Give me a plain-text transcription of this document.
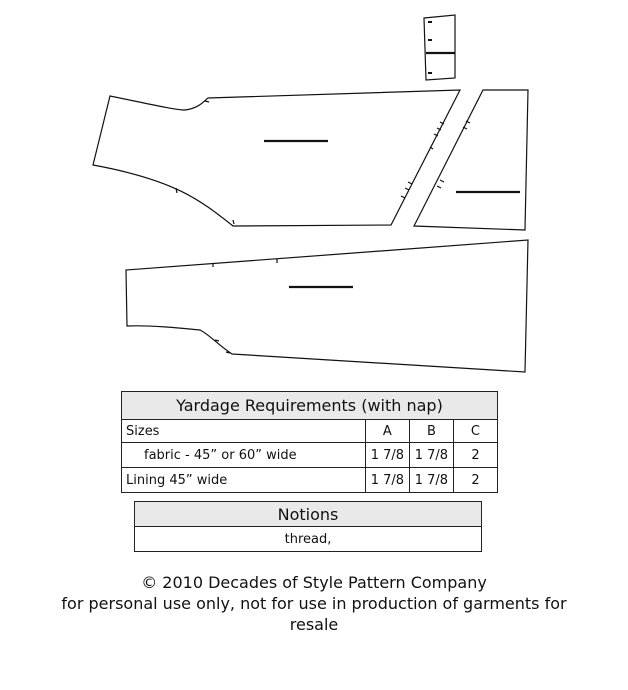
Yardage Requirements (with nap)			
Sizes	A	B	C
fabric - 45” or 60” wide	1 7/8	1 7/8	2
Lining 45” wide	1 7/8	1 7/8	2
Notions
thread,
© 2010 Decades of Style Pattern Company
for personal use only, not for use in production of garments for resale
